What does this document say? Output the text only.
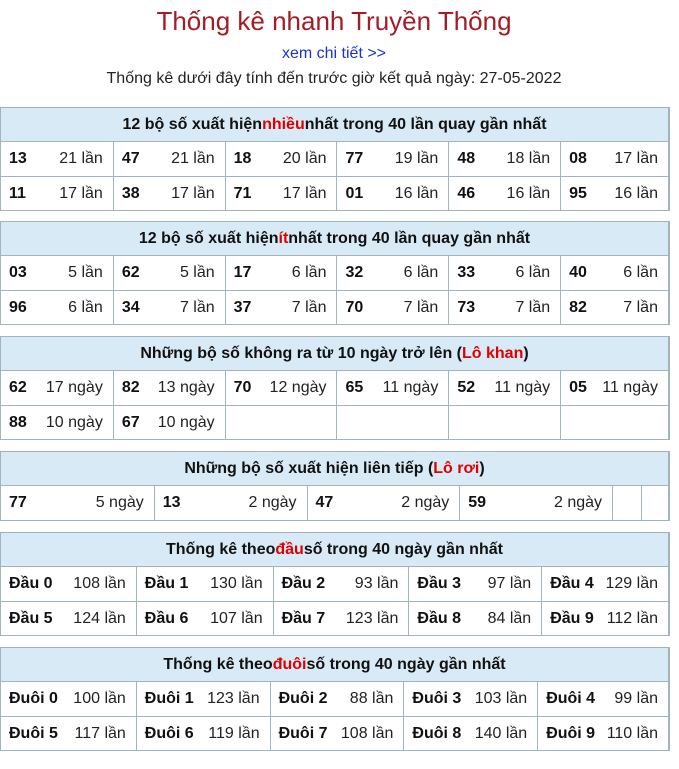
Thống kê nhanh Truyền Thống
xem chi tiết >>
Thống kê dưới đây tính đến trước giờ kết quả ngày: 27-05-2022
12 bộ số xuất hiện nhiều nhất trong 40 lần quay gần nhất
13 21 lần 47 21 lần 18 20 lần 77 19 lần 48 18 lần 08 17 lần
11 17 lần 38 17 lần 71 17 lần 01 16 lần 46 16 lần 95 16 lần
12 bộ số xuất hiện ít nhất trong 40 lần quay gần nhất
03	5 lần 62	5 lần 17	6 lần 32	6 lần 33	6 lần 40 6 lần
96	6 lần 34	7 lần 37	7 lần 70	7 lần 73	7 lần 82 7 lần
Những bộ số không ra từ 10 ngày trở lên ( Lô khan )
62 17 ngày 82 13 ngày 70 12 ngày 65 11 ngày 52 11 ngày 05 11 ngày
88 10 ngày 67 10 ngày
Những bộ số xuất hiện liên tiếp ( Lô rơi )
77	5 ngày 13	2 ngày 47	2 ngày 59	2 ngày
Thống kê theo đầu số trong 40 ngày gần nhất
Đầu 0 108 lần Đầu 1 130 lần Đầu 2 93 lần Đầu 3 97 lần Đầu 4 129 lần
Đầu 5 124 lần Đầu 6 107 lần Đầu 7 123 lần Đầu 8 84 lần Đầu 9 112 lần
Thống kê theo đuôi số trong 40 ngày gần nhất
Đuôi 0 100 lần Đuôi 1 123 lần Đuôi 2 88 lần Đuôi 3 103 lần Đuôi 4 99 lần
Đuôi 5 117 lần Đuôi 6 119 lần Đuôi 7 108 lần Đuôi 8 140 lần Đuôi 9 110 lần
